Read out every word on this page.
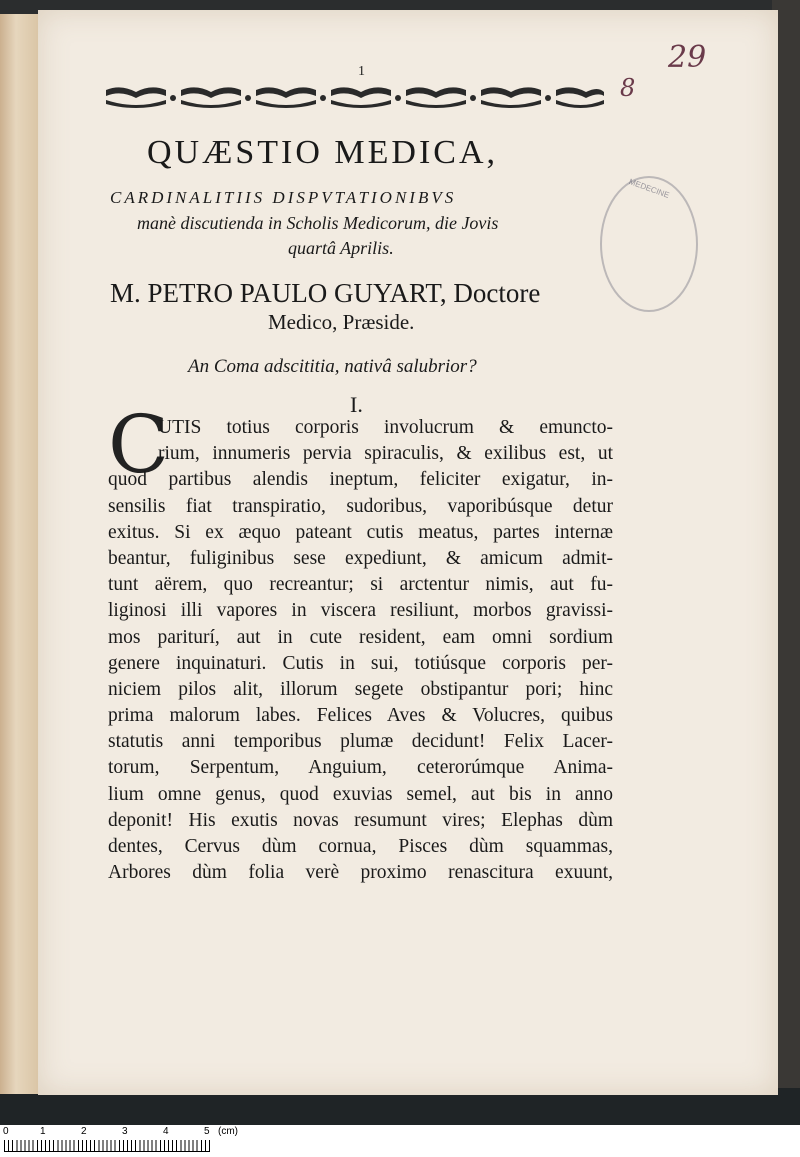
29
8
1
QUÆSTIO MEDICA,
CARDINALITIIS DISPVTATIONIBVS
manè discutienda in Scholis Medicorum, die Jovis
quartâ Aprilis.
M. PETRO PAULO GUYART, Doctore
Medico, Præside.
An Coma adscititia, nativâ salubrior?
I.
C
UTIS totius corporis involucrum & emuncto-
rium, innumeris pervia spiraculis, & exilibus est, ut
quod partibus alendis ineptum, feliciter exigatur, in-
sensilis fiat transpiratio, sudoribus, vaporibúsque detur
exitus. Si ex æquo pateant cutis meatus, partes internæ
beantur, fuliginibus sese expediunt, & amicum admit-
tunt aërem, quo recreantur; si arctentur nimis, aut fu-
liginosi illi vapores in viscera resiliunt, morbos gravissi-
mos pariturí, aut in cute resident, eam omni sordium
genere inquinaturi. Cutis in sui, totiúsque corporis per-
niciem pilos alit, illorum segete obstipantur pori; hinc
prima malorum labes. Felices Aves & Volucres, quibus
statutis anni temporibus plumæ decidunt! Felix Lacer-
torum, Serpentum, Anguium, ceterorúmque Anima-
lium omne genus, quod exuvias semel, aut bis in anno
deponit! His exutis novas resumunt vires; Elephas dùm
dentes, Cervus dùm cornua, Pisces dùm squammas,
Arbores dùm folia verè proximo renascitura exuunt,
MEDECINE
0	1	2	3	4	5 (cm)
